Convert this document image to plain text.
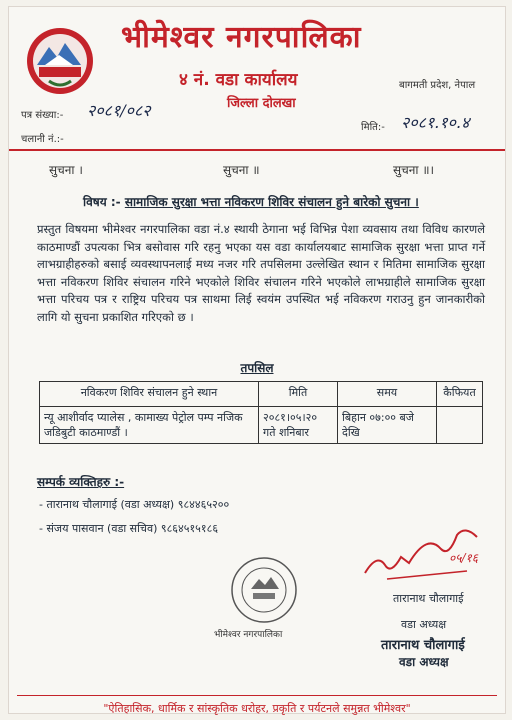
भीमेश्वर नगरपालिका
४ नं. वडा कार्यालय
जिल्ला दोलखा
बागमती प्रदेश, नेपाल
पत्र संख्या:- २०८१/०८२
चलानी नं.:-
मिति:- २०८१.१०.४
सुचना ।	सुचना ॥	सुचना ॥।
विषय :- सामाजिक सुरक्षा भत्ता नविकरण शिविर संचालन हुने बारेको सुचना ।
प्रस्तुत विषयमा भीमेश्वर नगरपालिका वडा नं.४ स्थायी ठेगाना भई विभिन्न पेशा व्यवसाय तथा विविध कारणले काठमाण्डौं उपत्यका भित्र बसोवास गरि रहनु भएका यस वडा कार्यालयबाट सामाजिक सुरक्षा भत्ता प्राप्त गर्ने लाभग्राहीहरुको बसाई व्यवस्थापनलाई मध्य नजर गरि तपसिलमा उल्लेखित स्थान र मितिमा सामाजिक सुरक्षा भत्ता नविकरण शिविर संचालन गरिने भएकोले शिविर संचालन गरिने भएकोले लाभग्राहीले सामाजिक सुरक्षा भत्ता परिचय पत्र र राष्ट्रिय परिचय पत्र साथमा लिई स्वयंम उपस्थित भई नविकरण गराउनु हुन जानकारीको लागि यो सुचना प्रकाशित गरिएको छ ।
तपसिल
नविकरण शिविर संचालन हुने स्थान	मिति	समय	कैफियत
न्यू आशीर्वाद प्यालेस , कामाख्य पेट्रोल पम्प नजिक जडिबुटी काठमाण्डौं ।	२०८१।०५।२० गते शनिबार	बिहान ०७:०० बजे देखि	
सम्पर्क व्यक्तिहरु :-
- तारानाथ चौलागाई (वडा अध्यक्ष) ९८४४६५२००
- संजय पासवान (वडा सचिव) ९८६४५१५१८६
भीमेश्वर नगरपालिका
०५/१६
तारानाथ चौलागाई
वडा अध्यक्ष
तारानाथ चौलागाई
वडा अध्यक्ष
"ऐतिहासिक, धार्मिक र सांस्कृतिक धरोहर, प्रकृति र पर्यटनले समुन्नत भीमेश्वर"
